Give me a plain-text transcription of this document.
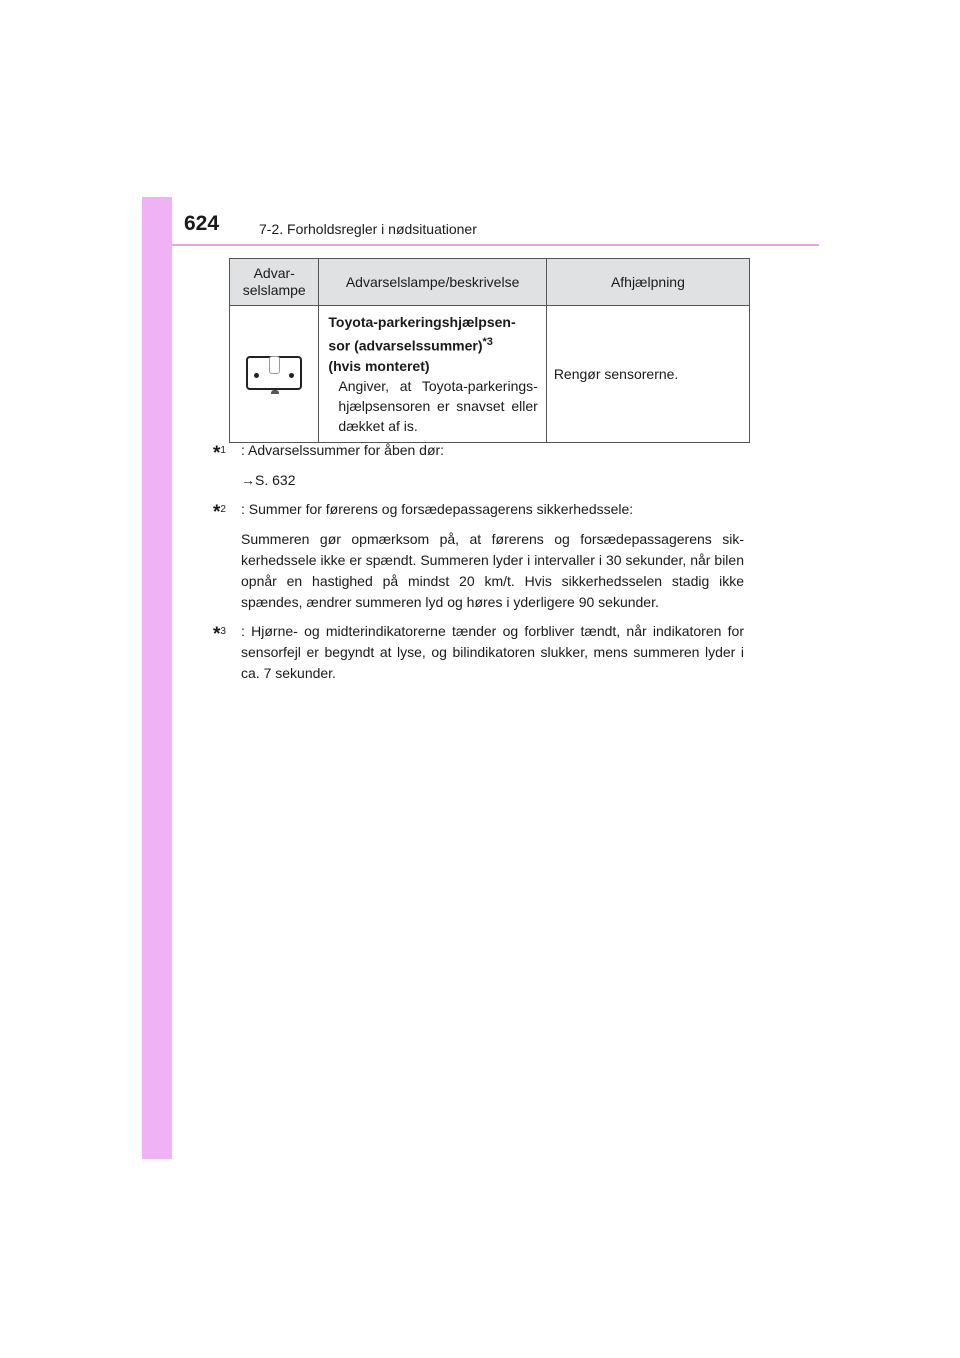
624	7-2. Forholdsregler i nødsituationer
Advar-
selslampe	Advarselslampe/beskrivelse	Afhjælpning

	Toyota-parkeringshjælpsen-
sor (advarselssummer)$^{*3}$
(hvis monteret)
Angiver, at Toyota-parkerings-hjælpsensoren er snavset eller dækket af is.	Rengør sensorerne.
*$^1$ : Advarselssummer for åben dør:

→S. 632

*$^2$ : Summer for førerens og forsædepassagerens sikkerhedssele:

Summeren gør opmærksom på, at førerens og forsædepassagerens sik-kerhedssele ikke er spændt. Summeren lyder i intervaller i 30 sekunder, når bilen opnår en hastighed på mindst 20 km/t. Hvis sikkerhedsselen stadig ikke spændes, ændrer summeren lyd og høres i yderligere 90 sekunder.

*$^3$ : Hjørne- og midterindikatorerne tænder og forbliver tændt, når indikatoren for sensorfejl er begyndt at lyse, og bilindikatoren slukker, mens summeren lyder i ca. 7 sekunder.
